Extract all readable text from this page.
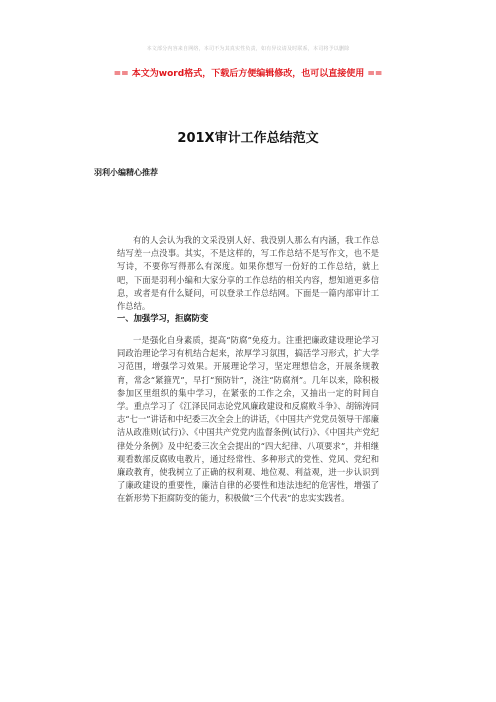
本文部分内容来自网络，本司不为其真实性负责，如有异议请及时联系，本司将予以删除
== 本文为word格式，下载后方便编辑修改，也可以直接使用 ==
201X审计工作总结范文
羽利小编精心推荐

有的人会认为我的文采没别人好、我没别人那么有内涵，我工作总结写差一点没事。其实，不是这样的，写工作总结不是写作文，也不是写诗，不要你写得那么有深度。如果你想写一份好的工作总结，就上吧，下面是羽利小编和大家分享的工作总结的相关内容，想知道更多信息，或者是有什么疑问，可以登录工作总结网。下面是一篇内部审计工作总结。

一、加强学习，拒腐防变

一是强化自身素质，提高“防腐”免疫力。注重把廉政建设理论学习同政治理论学习有机结合起来，浓厚学习氛围，搞活学习形式，扩大学习范围，增强学习效果。开展理论学习，坚定理想信念，开展条规教育，常念“紧箍咒”，早打“预防针”，浇注“防腐剂”。几年以来，除积极参加区里组织的集中学习，在紧张的工作之余，又抽出一定的时间自学。重点学习了《江泽民同志论党风廉政建设和反腐败斗争》、胡锦涛同志“七一”讲话和中纪委三次全会上的讲话，《中国共产党党员领导干部廉洁从政准则(试行)》、《中国共产党党内监督条例(试行)》、《中国共产党纪律处分条例》及中纪委三次全会提出的“四大纪律、八项要求”，并相继观看数部反腐败电教片，通过经常性、多种形式的党性、党风、党纪和廉政教育，使我树立了正确的权利观、地位观、利益观，进一步认识到了廉政建设的重要性，廉洁自律的必要性和违法违纪的危害性，增强了在新形势下拒腐防变的能力，积极做“三个代表”的忠实实践者。
